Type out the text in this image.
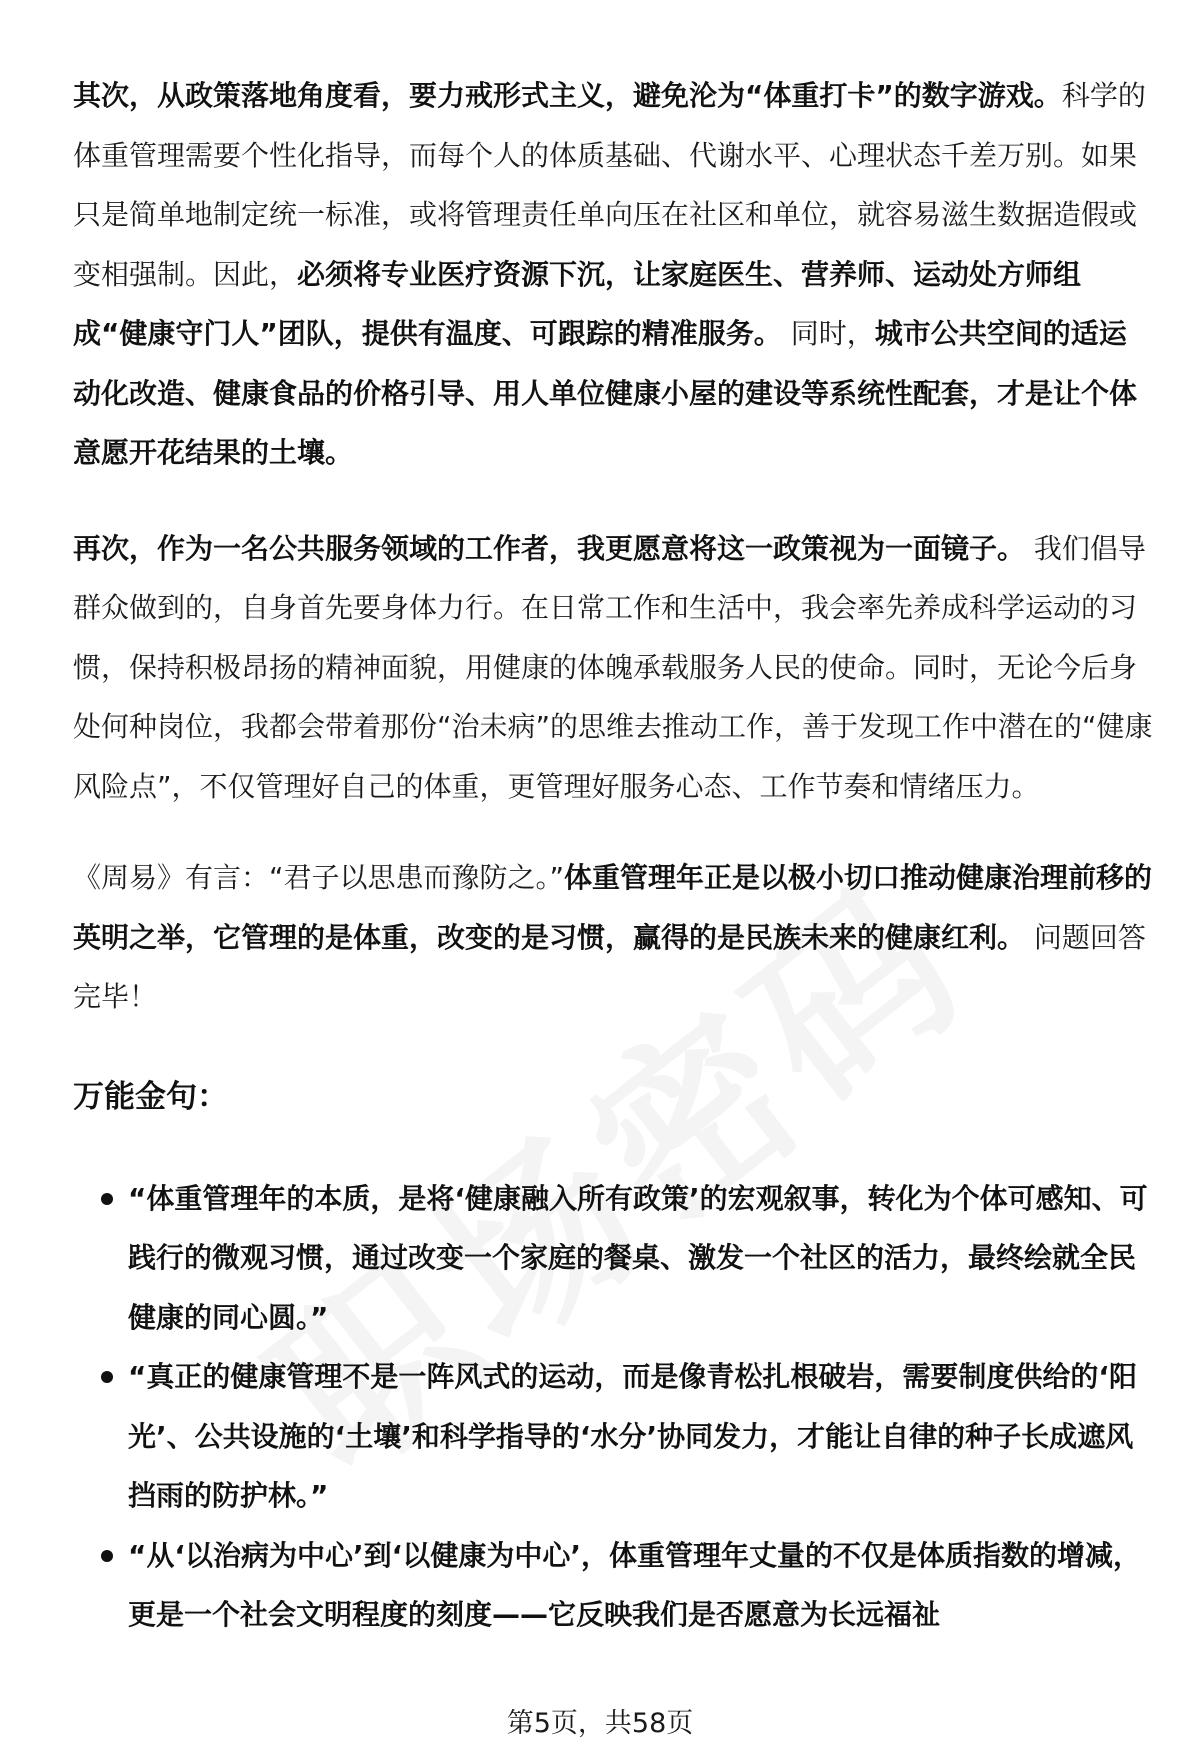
其次，从政策落地角度看，要力戒形式主义，避免沦为“体重打卡”的数字游戏。科学的体重管理需要个性化指导，而每个人的体质基础、代谢水平、心理状态千差万别。如果只是简单地制定统一标准，或将管理责任单向压在社区和单位，就容易滋生数据造假或变相强制。因此，必须将专业医疗资源下沉，让家庭医生、营养师、运动处方师组成“健康守门人”团队，提供有温度、可跟踪的精准服务。 同时，城市公共空间的适运动化改造、健康食品的价格引导、用人单位健康小屋的建设等系统性配套，才是让个体意愿开花结果的土壤。

再次，作为一名公共服务领域的工作者，我更愿意将这一政策视为一面镜子。 我们倡导群众做到的，自身首先要身体力行。在日常工作和生活中，我会率先养成科学运动的习惯，保持积极昂扬的精神面貌，用健康的体魄承载服务人民的使命。同时，无论今后身处何种岗位，我都会带着那份“治未病”的思维去推动工作，善于发现工作中潜在的“健康风险点”，不仅管理好自己的体重，更管理好服务心态、工作节奏和情绪压力。

《周易》有言：“君子以思患而豫防之。”体重管理年正是以极小切口推动健康治理前移的英明之举，它管理的是体重，改变的是习惯，赢得的是民族未来的健康红利。 问题回答完毕！

万能金句：
“体重管理年的本质，是将‘健康融入所有政策’的宏观叙事，转化为个体可感知、可践行的微观习惯，通过改变一个家庭的餐桌、激发一个社区的活力，最终绘就全民健康的同心圆。”
“真正的健康管理不是一阵风式的运动，而是像青松扎根破岩，需要制度供给的‘阳光’、公共设施的‘土壤’和科学指导的‘水分’协同发力，才能让自律的种子长成遮风挡雨的防护林。”
“从‘以治病为中心’到‘以健康为中心’，体重管理年丈量的不仅是体质指数的增减，更是一个社会文明程度的刻度——它反映我们是否愿意为长远福祉
第5页，共58页
